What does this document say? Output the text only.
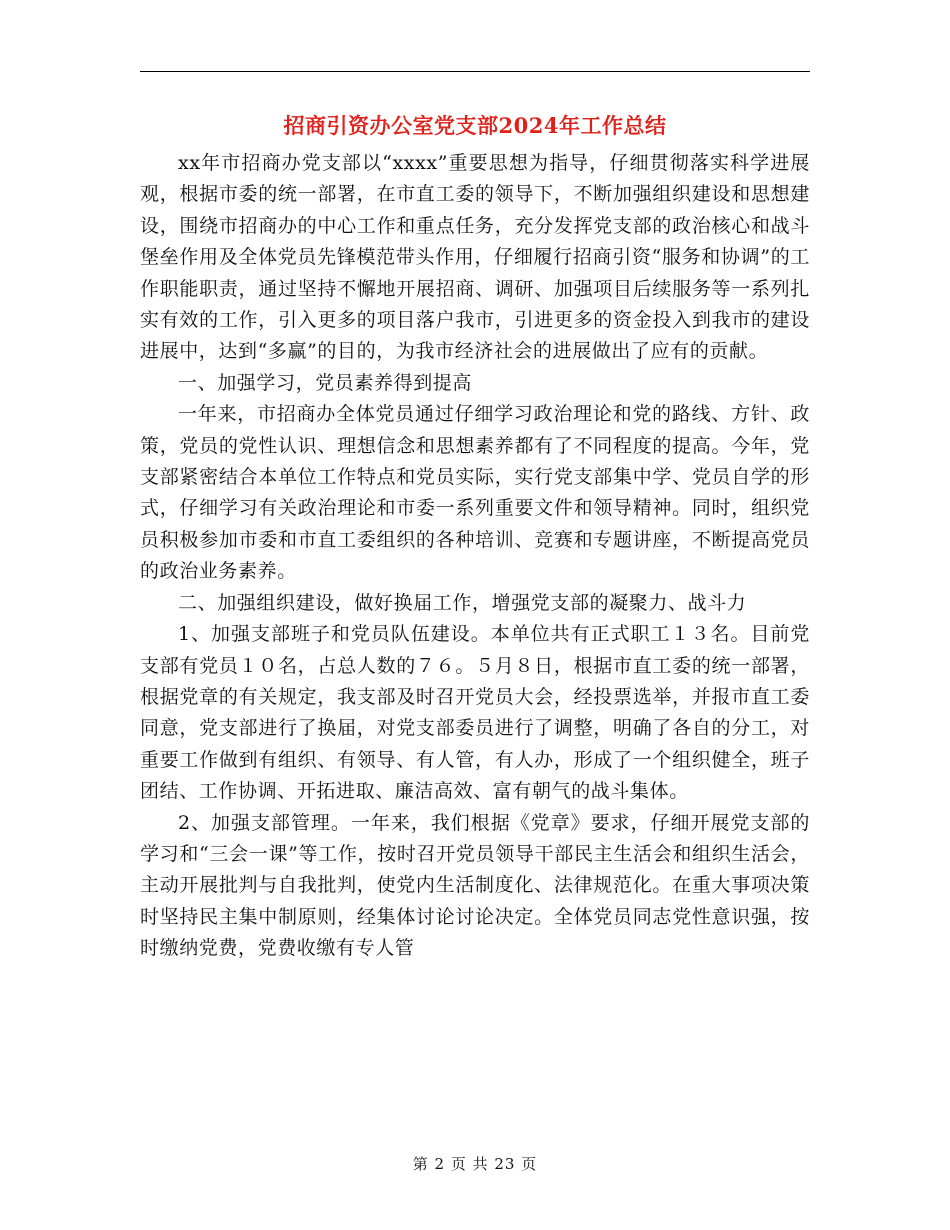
招商引资办公室党支部2024年工作总结

xx年市招商办党支部以“xxxx”重要思想为指导，仔细贯彻落实科学进展观，根据市委的统一部署，在市直工委的领导下，不断加强组织建设和思想建设，围绕市招商办的中心工作和重点任务，充分发挥党支部的政治核心和战斗堡垒作用及全体党员先锋模范带头作用，仔细履行招商引资“服务和协调”的工作职能职责，通过坚持不懈地开展招商、调研、加强项目后续服务等一系列扎实有效的工作，引入更多的项目落户我市，引进更多的资金投入到我市的建设进展中，达到“多赢”的目的，为我市经济社会的进展做出了应有的贡献。

一、加强学习，党员素养得到提高

一年来，市招商办全体党员通过仔细学习政治理论和党的路线、方针、政策，党员的党性认识、理想信念和思想素养都有了不同程度的提高。今年，党支部紧密结合本单位工作特点和党员实际，实行党支部集中学、党员自学的形式，仔细学习有关政治理论和市委一系列重要文件和领导精神。同时，组织党员积极参加市委和市直工委组织的各种培训、竞赛和专题讲座，不断提高党员的政治业务素养。

二、加强组织建设，做好换届工作，增强党支部的凝聚力、战斗力

1、加强支部班子和党员队伍建设。本单位共有正式职工１３名。目前党支部有党员１０名，占总人数的７６。５月８日，根据市直工委的统一部署，根据党章的有关规定，我支部及时召开党员大会，经投票选举，并报市直工委同意，党支部进行了换届，对党支部委员进行了调整，明确了各自的分工，对重要工作做到有组织、有领导、有人管，有人办，形成了一个组织健全，班子团结、工作协调、开拓进取、廉洁高效、富有朝气的战斗集体。

2、加强支部管理。一年来，我们根据《党章》要求，仔细开展党支部的学习和“三会一课”等工作，按时召开党员领导干部民主生活会和组织生活会，主动开展批判与自我批判，使党内生活制度化、法律规范化。在重大事项决策时坚持民主集中制原则，经集体讨论讨论决定。全体党员同志党性意识强，按时缴纳党费，党费收缴有专人管

第 2 页 共 23 页
